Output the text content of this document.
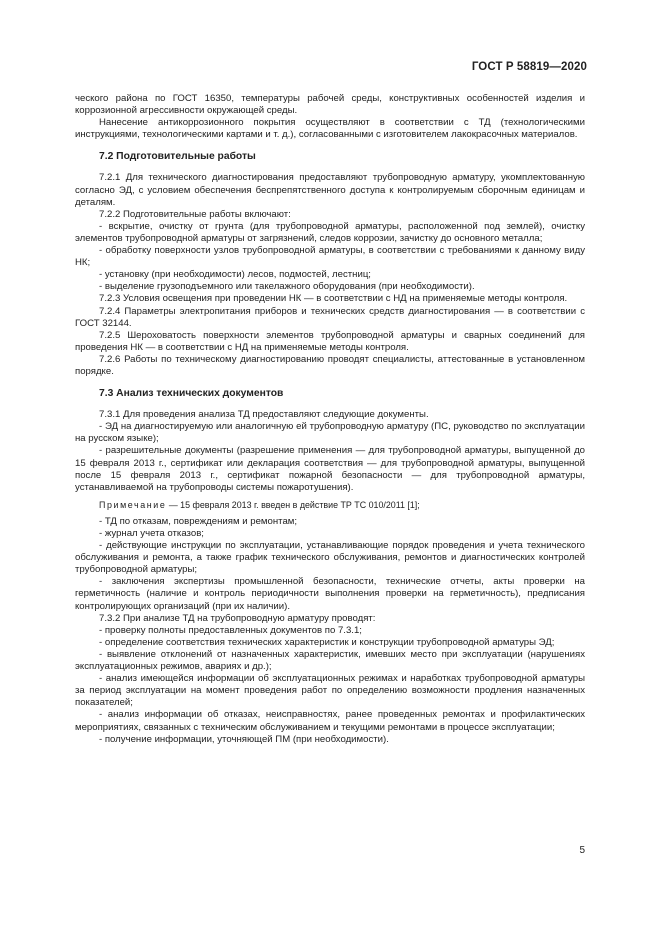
ГОСТ Р 58819—2020

ческого района по ГОСТ 16350, температуры рабочей среды, конструктивных особенностей изделия и коррозионной агрессивности окружающей среды.

Нанесение антикоррозионного покрытия осуществляют в соответствии с ТД (технологическими инструкциями, технологическими картами и т. д.), согласованными с изготовителем лакокрасочных материалов.

7.2 Подготовительные работы

7.2.1 Для технического диагностирования предоставляют трубопроводную арматуру, укомплектованную согласно ЭД, с условием обеспечения беспрепятственного доступа к контролируемым сборочным единицам и деталям.

7.2.2 Подготовительные работы включают:

- вскрытие, очистку от грунта (для трубопроводной арматуры, расположенной под землей), очистку элементов трубопроводной арматуры от загрязнений, следов коррозии, зачистку до основного металла;

- обработку поверхности узлов трубопроводной арматуры, в соответствии с требованиями к данному виду НК;

- установку (при необходимости) лесов, подмостей, лестниц;

- выделение грузоподъемного или такелажного оборудования (при необходимости).

7.2.3 Условия освещения при проведении НК — в соответствии с НД на применяемые методы контроля.

7.2.4 Параметры электропитания приборов и технических средств диагностирования — в соответствии с ГОСТ 32144.

7.2.5 Шероховатость поверхности элементов трубопроводной арматуры и сварных соединений для проведения НК — в соответствии с НД на применяемые методы контроля.

7.2.6 Работы по техническому диагностированию проводят специалисты, аттестованные в установленном порядке.

7.3 Анализ технических документов

7.3.1 Для проведения анализа ТД предоставляют следующие документы.

- ЭД на диагностируемую или аналогичную ей трубопроводную арматуру (ПС, руководство по эксплуатации на русском языке);

- разрешительные документы (разрешение применения — для трубопроводной арматуры, выпущенной до 15 февраля 2013 г., сертификат или декларация соответствия — для трубопроводной арматуры, выпущенной после 15 февраля 2013 г., сертификат пожарной безопасности — для трубопроводной арматуры, устанавливаемой на трубопроводы системы пожаротушения).

Примечание — 15 февраля 2013 г. введен в действие ТР ТС 010/2011 [1];

- ТД по отказам, повреждениям и ремонтам;

- журнал учета отказов;

- действующие инструкции по эксплуатации, устанавливающие порядок проведения и учета технического обслуживания и ремонта, а также график технического обслуживания, ремонтов и диагностических контролей трубопроводной арматуры;

- заключения экспертизы промышленной безопасности, технические отчеты, акты проверки на герметичность (наличие и контроль периодичности выполнения проверки на герметичность), предписания контролирующих организаций (при их наличии).

7.3.2 При анализе ТД на трубопроводную арматуру проводят:

- проверку полноты предоставленных документов по 7.3.1;

- определение соответствия технических характеристик и конструкции трубопроводной арматуры ЭД;

- выявление отклонений от назначенных характеристик, имевших место при эксплуатации (нарушениях эксплуатационных режимов, авариях и др.);

- анализ имеющейся информации об эксплуатационных режимах и наработках трубопроводной арматуры за период эксплуатации на момент проведения работ по определению возможности продления назначенных показателей;

- анализ информации об отказах, неисправностях, ранее проведенных ремонтах и профилактических мероприятиях, связанных с техническим обслуживанием и текущими ремонтами в процессе эксплуатации;

- получение информации, уточняющей ПМ (при необходимости).

5
